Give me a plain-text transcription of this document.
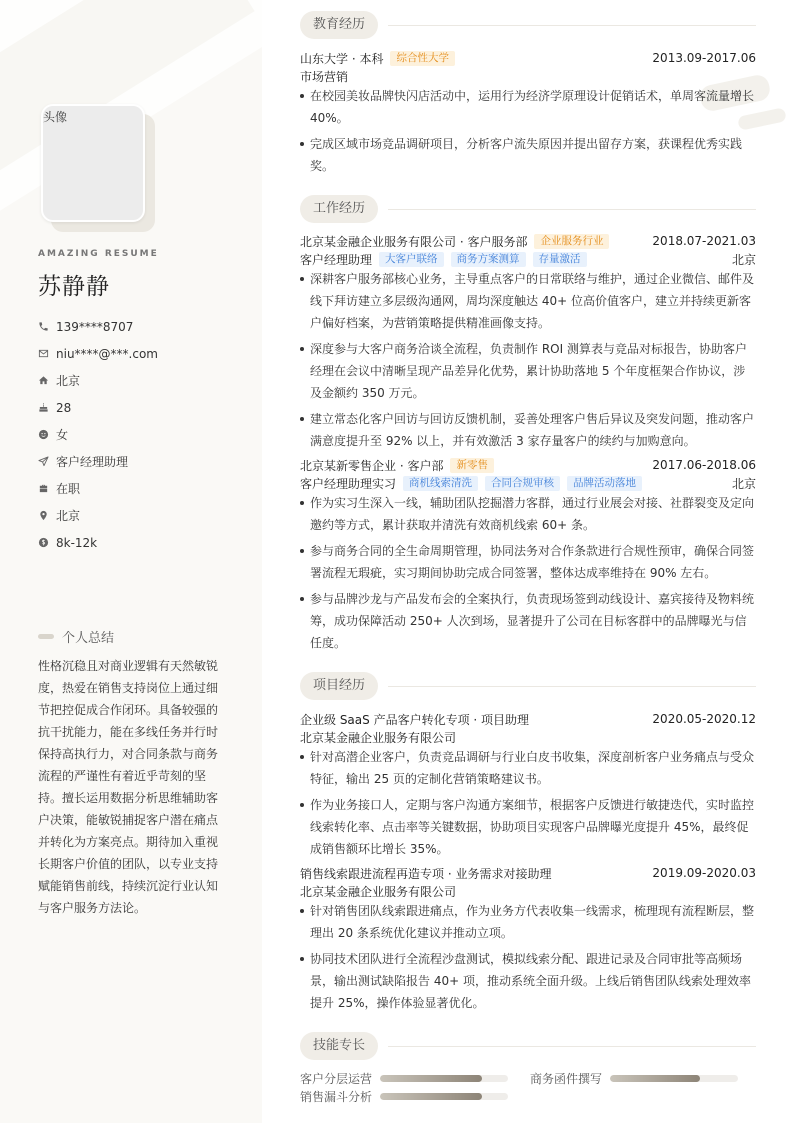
头像
AMAZING RESUME
苏静静
139****8707
niu****@***.com
北京
28
女
客户经理助理
在职
北京
8k-12k
个人总结
性格沉稳且对商业逻辑有天然敏锐度，热爱在销售支持岗位上通过细节把控促成合作闭环。具备较强的抗干扰能力，能在多线任务并行时保持高执行力，对合同条款与商务流程的严谨性有着近乎苛刻的坚持。擅长运用数据分析思维辅助客户决策，能敏锐捕捉客户潜在痛点并转化为方案亮点。期待加入重视长期客户价值的团队，以专业支持赋能销售前线，持续沉淀行业认知与客户服务方法论。
教育经历
山东大学 · 本科	综合性大学	2013.09-2017.06
市场营销
在校园美妆品牌快闪店活动中，运用行为经济学原理设计促销话术，单周客流量增长40%。
完成区域市场竞品调研项目，分析客户流失原因并提出留存方案，获课程优秀实践奖。
工作经历
北京某金融企业服务有限公司 · 客户服务部	企业服务行业	2018.07-2021.03
客户经理助理	大客户联络	商务方案测算	存量激活	北京
深耕客户服务部核心业务，主导重点客户的日常联络与维护，通过企业微信、邮件及线下拜访建立多层级沟通网，周均深度触达 40+ 位高价值客户，建立并持续更新客户偏好档案，为营销策略提供精准画像支持。
深度参与大客户商务洽谈全流程，负责制作 ROI 测算表与竞品对标报告，协助客户经理在会议中清晰呈现产品差异化优势，累计协助落地 5 个年度框架合作协议，涉及金额约 350 万元。
建立常态化客户回访与回访反馈机制，妥善处理客户售后异议及突发问题，推动客户满意度提升至 92% 以上，并有效激活 3 家存量客户的续约与加购意向。
北京某新零售企业 · 客户部	新零售	2017.06-2018.06
客户经理助理实习	商机线索清洗	合同合规审核	品牌活动落地	北京
作为实习生深入一线，辅助团队挖掘潜力客群，通过行业展会对接、社群裂变及定向邀约等方式，累计获取并清洗有效商机线索 60+ 条。
参与商务合同的全生命周期管理，协同法务对合作条款进行合规性预审，确保合同签署流程无瑕疵，实习期间协助完成合同签署，整体达成率维持在 90% 左右。
参与品牌沙龙与产品发布会的全案执行，负责现场签到动线设计、嘉宾接待及物料统筹，成功保障活动 250+ 人次到场，显著提升了公司在目标客群中的品牌曝光与信任度。
项目经历
企业级 SaaS 产品客户转化专项 · 项目助理	2020.05-2020.12
北京某金融企业服务有限公司
针对高潜企业客户，负责竞品调研与行业白皮书收集，深度剖析客户业务痛点与受众特征，输出 25 页的定制化营销策略建议书。
作为业务接口人，定期与客户沟通方案细节，根据客户反馈进行敏捷迭代，实时监控线索转化率、点击率等关键数据，协助项目实现客户品牌曝光度提升 45%，最终促成销售额环比增长 35%。
销售线索跟进流程再造专项 · 业务需求对接助理	2019.09-2020.03
北京某金融企业服务有限公司
针对销售团队线索跟进痛点，作为业务方代表收集一线需求，梳理现有流程断层，整理出 20 条系统优化建议并推动立项。
协同技术团队进行全流程沙盘测试，模拟线索分配、跟进记录及合同审批等高频场景，输出测试缺陷报告 40+ 项，推动系统全面升级。上线后销售团队线索处理效率提升 25%，操作体验显著优化。
技能专长
客户分层运营	商务函件撰写
销售漏斗分析
